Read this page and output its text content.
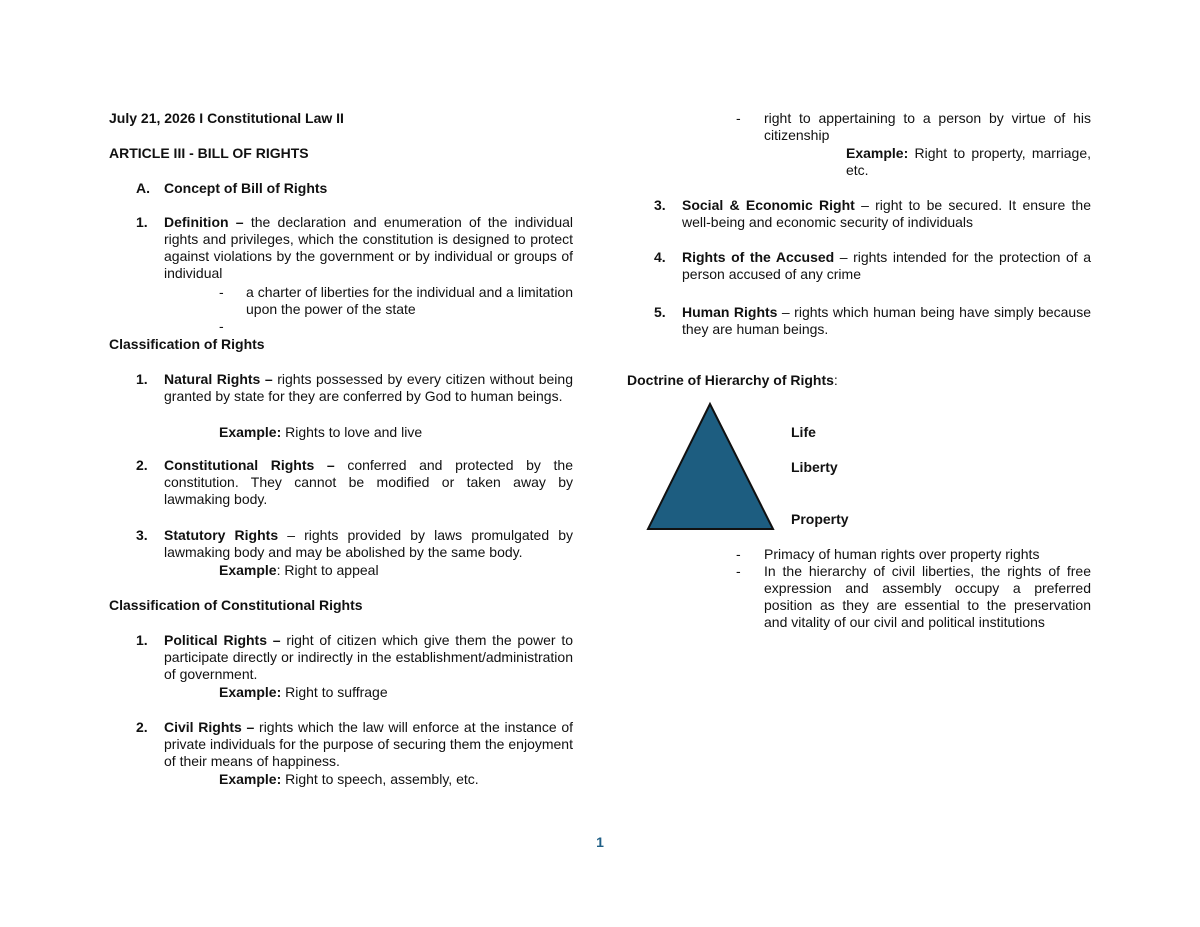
July 21, 2026 I Constitutional Law II
ARTICLE III - BILL OF RIGHTS
A. Concept of Bill of Rights
1. Definition – the declaration and enumeration of the individual rights and privileges, which the constitution is designed to protect against violations by the government or by individual or groups of individual
- a charter of liberties for the individual and a limitation upon the power of the state
-
Classification of Rights
1. Natural Rights – rights possessed by every citizen without being granted by state for they are conferred by God to human beings.
Example: Rights to love and live
2. Constitutional Rights – conferred and protected by the constitution. They cannot be modified or taken away by lawmaking body.
3. Statutory Rights – rights provided by laws promulgated by lawmaking body and may be abolished by the same body.
Example: Right to appeal
Classification of Constitutional Rights
1. Political Rights – right of citizen which give them the power to participate directly or indirectly in the establishment/administration of government.
Example: Right to suffrage
2. Civil Rights – rights which the law will enforce at the instance of private individuals for the purpose of securing them the enjoyment of their means of happiness.
Example: Right to speech, assembly, etc.
- right to appertaining to a person by virtue of his citizenship
Example: Right to property, marriage, etc.
3. Social & Economic Right – right to be secured. It ensure the well-being and economic security of individuals
4. Rights of the Accused – rights intended for the protection of a person accused of any crime
5. Human Rights – rights which human being have simply because they are human beings.
Doctrine of Hierarchy of Rights:
Life
Liberty
Property
- Primacy of human rights over property rights
- In the hierarchy of civil liberties, the rights of free expression and assembly occupy a preferred position as they are essential to the preservation and vitality of our civil and political institutions
1
